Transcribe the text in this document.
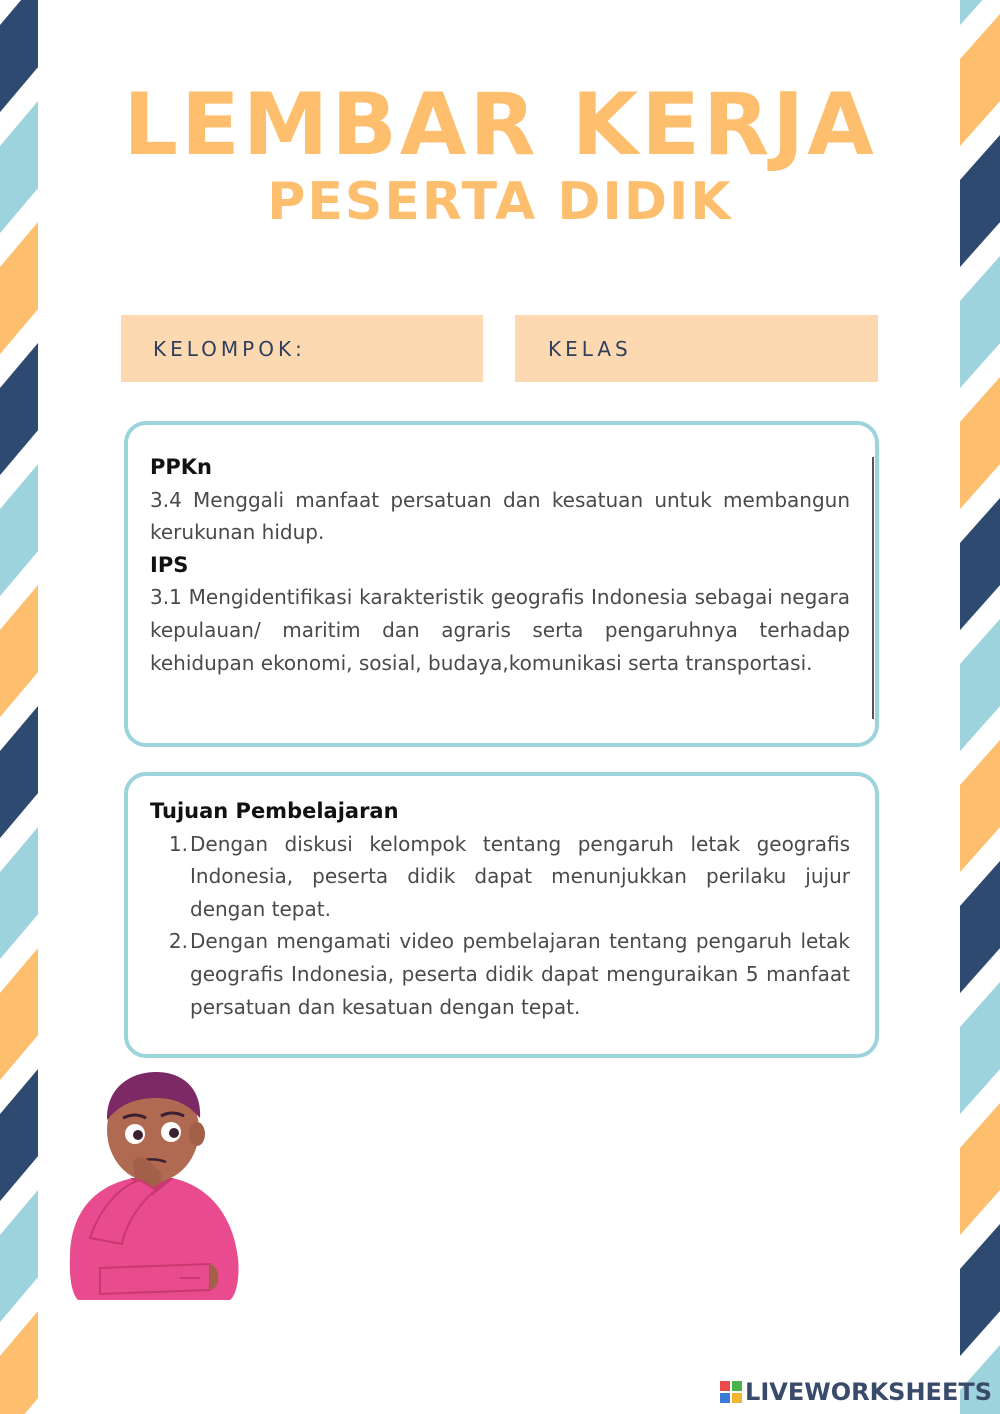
LEMBAR KERJA
PESERTA DIDIK
KELOMPOK:	KELAS
PPKn
3.4 Menggali manfaat persatuan dan kesatuan untuk membangun kerukunan hidup.
IPS
3.1 Mengidentifikasi karakteristik geografis Indonesia sebagai negara kepulauan/ maritim dan agraris serta pengaruhnya terhadap kehidupan ekonomi, sosial, budaya,komunikasi serta transportasi.
Tujuan Pembelajaran
1. Dengan diskusi kelompok tentang pengaruh letak geografis Indonesia, peserta didik dapat menunjukkan perilaku jujur dengan tepat.
2. Dengan mengamati video pembelajaran tentang pengaruh letak geografis Indonesia, peserta didik dapat menguraikan 5 manfaat persatuan dan kesatuan dengan tepat.
LIVEWORKSHEETS
